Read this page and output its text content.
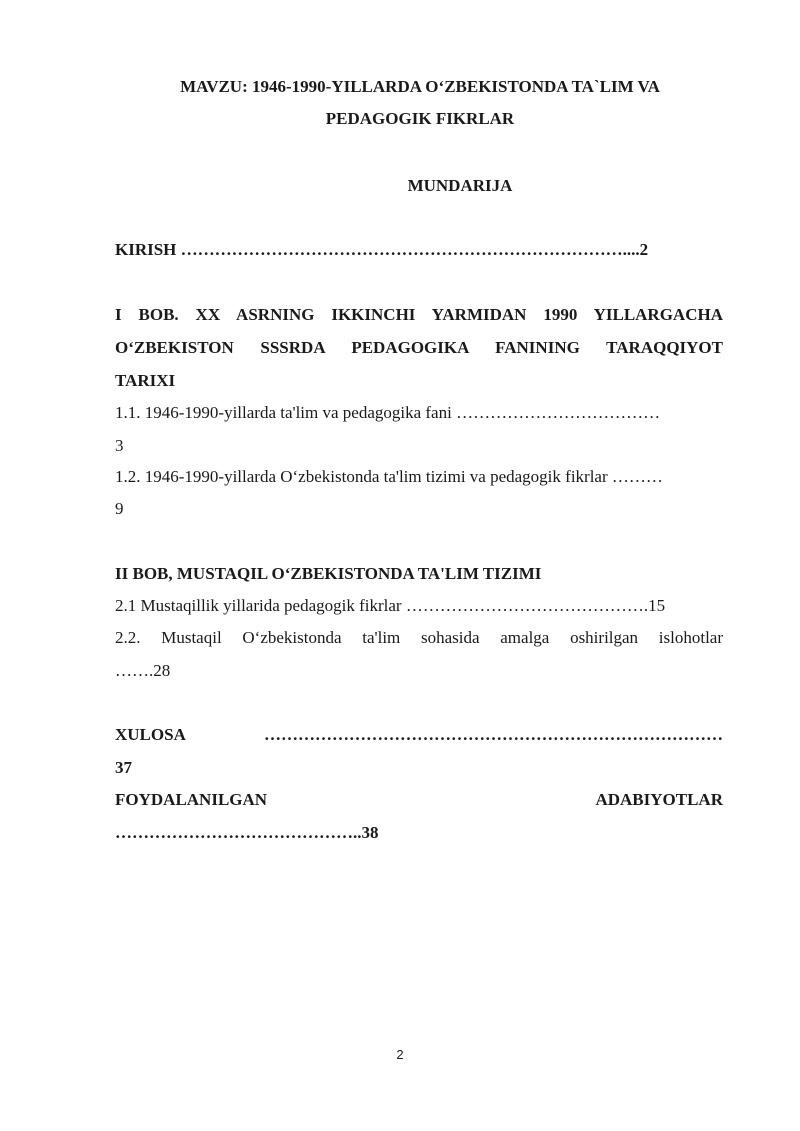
MAVZU: 1946-1990-YILLARDA O‘ZBEKISTONDA TA`LIM VA
PEDAGOGIK FIKRLAR
MUNDARIJA
KIRISH ……………………………………………………………………....2
I BOB. XX ASRNING IKKINCHI YARMIDAN 1990 YILLARGACHA
O‘ZBEKISTON SSSRDA PEDAGOGIKA FANINING TARAQQIYOT
TARIXI
1.1. 1946-1990-yillarda ta'lim va pedagogika fani ………………………………
3
1.2. 1946-1990-yillarda O‘zbekistonda ta'lim tizimi va pedagogik fikrlar ………
9
II BOB, MUSTAQIL O‘ZBEKISTONDA TA'LIM TIZIMI
2.1 Mustaqillik yillarida pedagogik fikrlar …………………………………….15
2.2. Mustaqil O‘zbekistonda ta'lim sohasida amalga oshirilgan islohotlar
…….28
XULOSA	………………………………………………………………………
37
FOYDALANILGAN	ADABIYOTLAR
……………………………………..38
2
